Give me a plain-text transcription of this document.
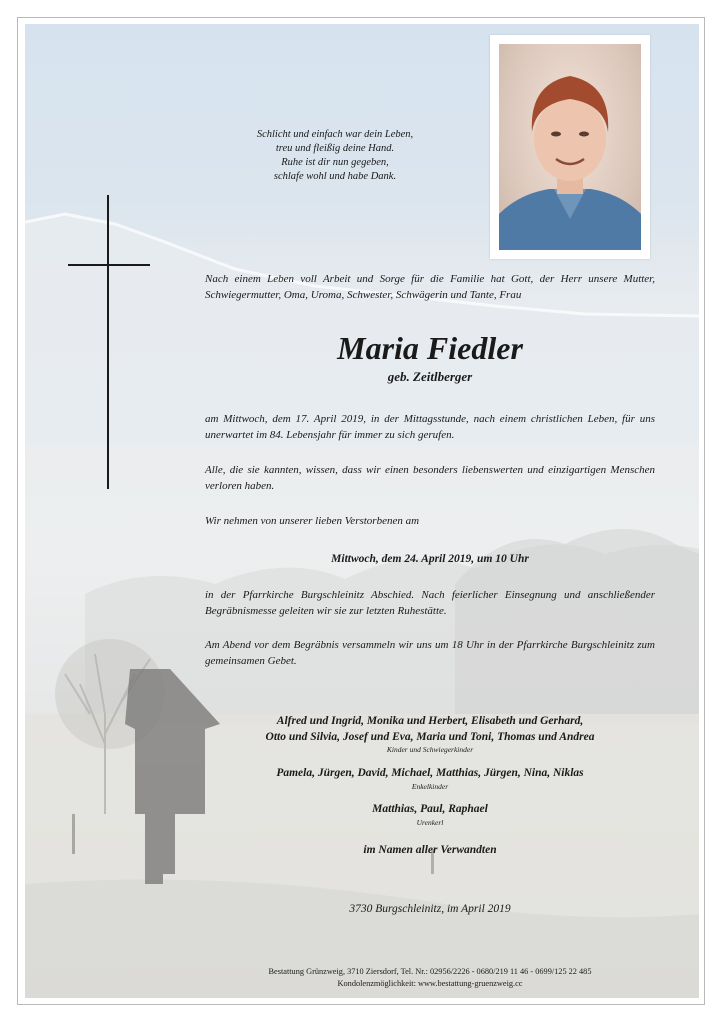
Schlicht und einfach war dein Leben,
treu und fleißig deine Hand.
Ruhe ist dir nun gegeben,
schlafe wohl und habe Dank.
Nach einem Leben voll Arbeit und Sorge für die Familie hat Gott, der Herr unsere Mutter, Schwiegermutter, Oma, Uroma, Schwester, Schwägerin und Tante, Frau
Maria Fiedler
geb. Zeitlberger
am Mittwoch, dem 17. April 2019, in der Mittagsstunde, nach einem christlichen Leben, für uns unerwartet im 84. Lebensjahr für immer zu sich gerufen.
Alle, die sie kannten, wissen, dass wir einen besonders liebenswerten und einzigartigen Menschen verloren haben.
Wir nehmen von unserer lieben Verstorbenen am
Mittwoch, dem 24. April 2019, um 10 Uhr
in der Pfarrkirche Burgschleinitz Abschied. Nach feierlicher Einsegnung und anschließender Begräbnismesse geleiten wir sie zur letzten Ruhestätte.
Am Abend vor dem Begräbnis versammeln wir uns um 18 Uhr in der Pfarrkirche Burgschleinitz zum gemeinsamen Gebet.
Alfred und Ingrid, Monika und Herbert, Elisabeth und Gerhard,
Otto und Silvia, Josef und Eva, Maria und Toni, Thomas und Andrea
Kinder und Schwiegerkinder
Pamela, Jürgen, David, Michael, Matthias, Jürgen, Nina, Niklas
Enkelkinder
Matthias, Paul, Raphael
Urenkerl
im Namen aller Verwandten
3730 Burgschleinitz, im April 2019
Bestattung Grünzweig, 3710 Ziersdorf, Tel. Nr.: 02956/2226 - 0680/219 11 46 - 0699/125 22 485
Kondolenzmöglichkeit: www.bestattung-gruenzweig.cc
